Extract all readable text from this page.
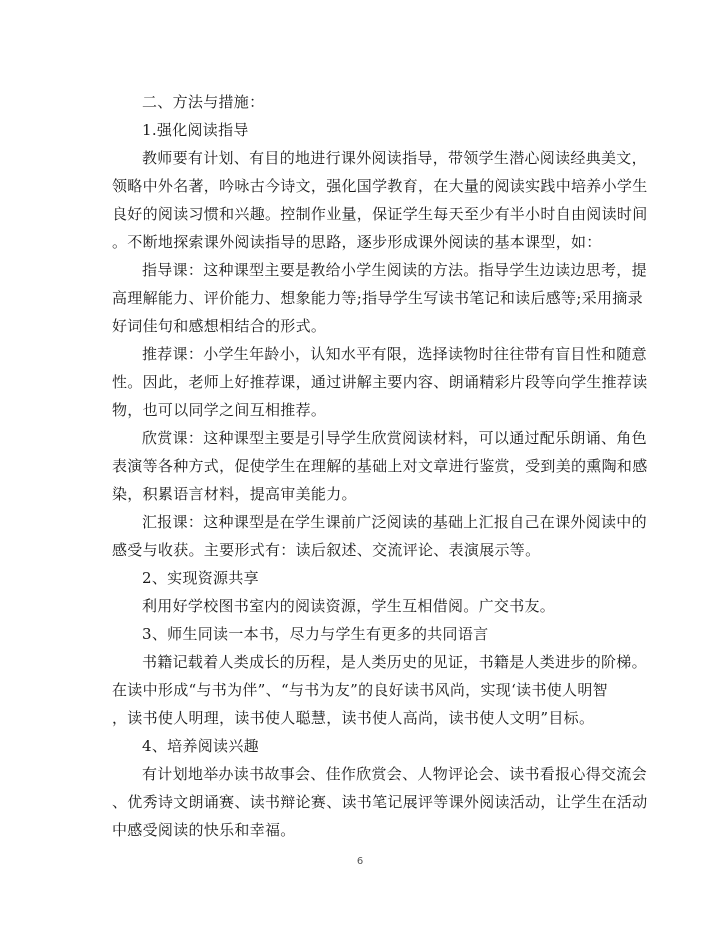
二、方法与措施：
1.强化阅读指导
教师要有计划、有目的地进行课外阅读指导，带领学生潜心阅读经典美文，
领略中外名著，吟咏古今诗文，强化国学教育，在大量的阅读实践中培养小学生
良好的阅读习惯和兴趣。控制作业量，保证学生每天至少有半小时自由阅读时间
。不断地探索课外阅读指导的思路，逐步形成课外阅读的基本课型，如：
指导课：这种课型主要是教给小学生阅读的方法。指导学生边读边思考，提
高理解能力、评价能力、想象能力等;指导学生写读书笔记和读后感等;采用摘录
好词佳句和感想相结合的形式。
推荐课：小学生年龄小，认知水平有限，选择读物时往往带有盲目性和随意
性。因此，老师上好推荐课，通过讲解主要内容、朗诵精彩片段等向学生推荐读
物，也可以同学之间互相推荐。
欣赏课：这种课型主要是引导学生欣赏阅读材料，可以通过配乐朗诵、角色
表演等各种方式，促使学生在理解的基础上对文章进行鉴赏，受到美的熏陶和感
染，积累语言材料，提高审美能力。
汇报课：这种课型是在学生课前广泛阅读的基础上汇报自己在课外阅读中的
感受与收获。主要形式有：读后叙述、交流评论、表演展示等。
2、实现资源共享
利用好学校图书室内的阅读资源，学生互相借阅。广交书友。
3、师生同读一本书，尽力与学生有更多的共同语言
书籍记载着人类成长的历程，是人类历史的见证，书籍是人类进步的阶梯。
在读中形成“与书为伴”、“与书为友”的良好读书风尚，实现‘读书使人明智
，读书使人明理，读书使人聪慧，读书使人高尚，读书使人文明”目标。
4、培养阅读兴趣
有计划地举办读书故事会、佳作欣赏会、人物评论会、读书看报心得交流会
、优秀诗文朗诵赛、读书辩论赛、读书笔记展评等课外阅读活动，让学生在活动
中感受阅读的快乐和幸福。
6
